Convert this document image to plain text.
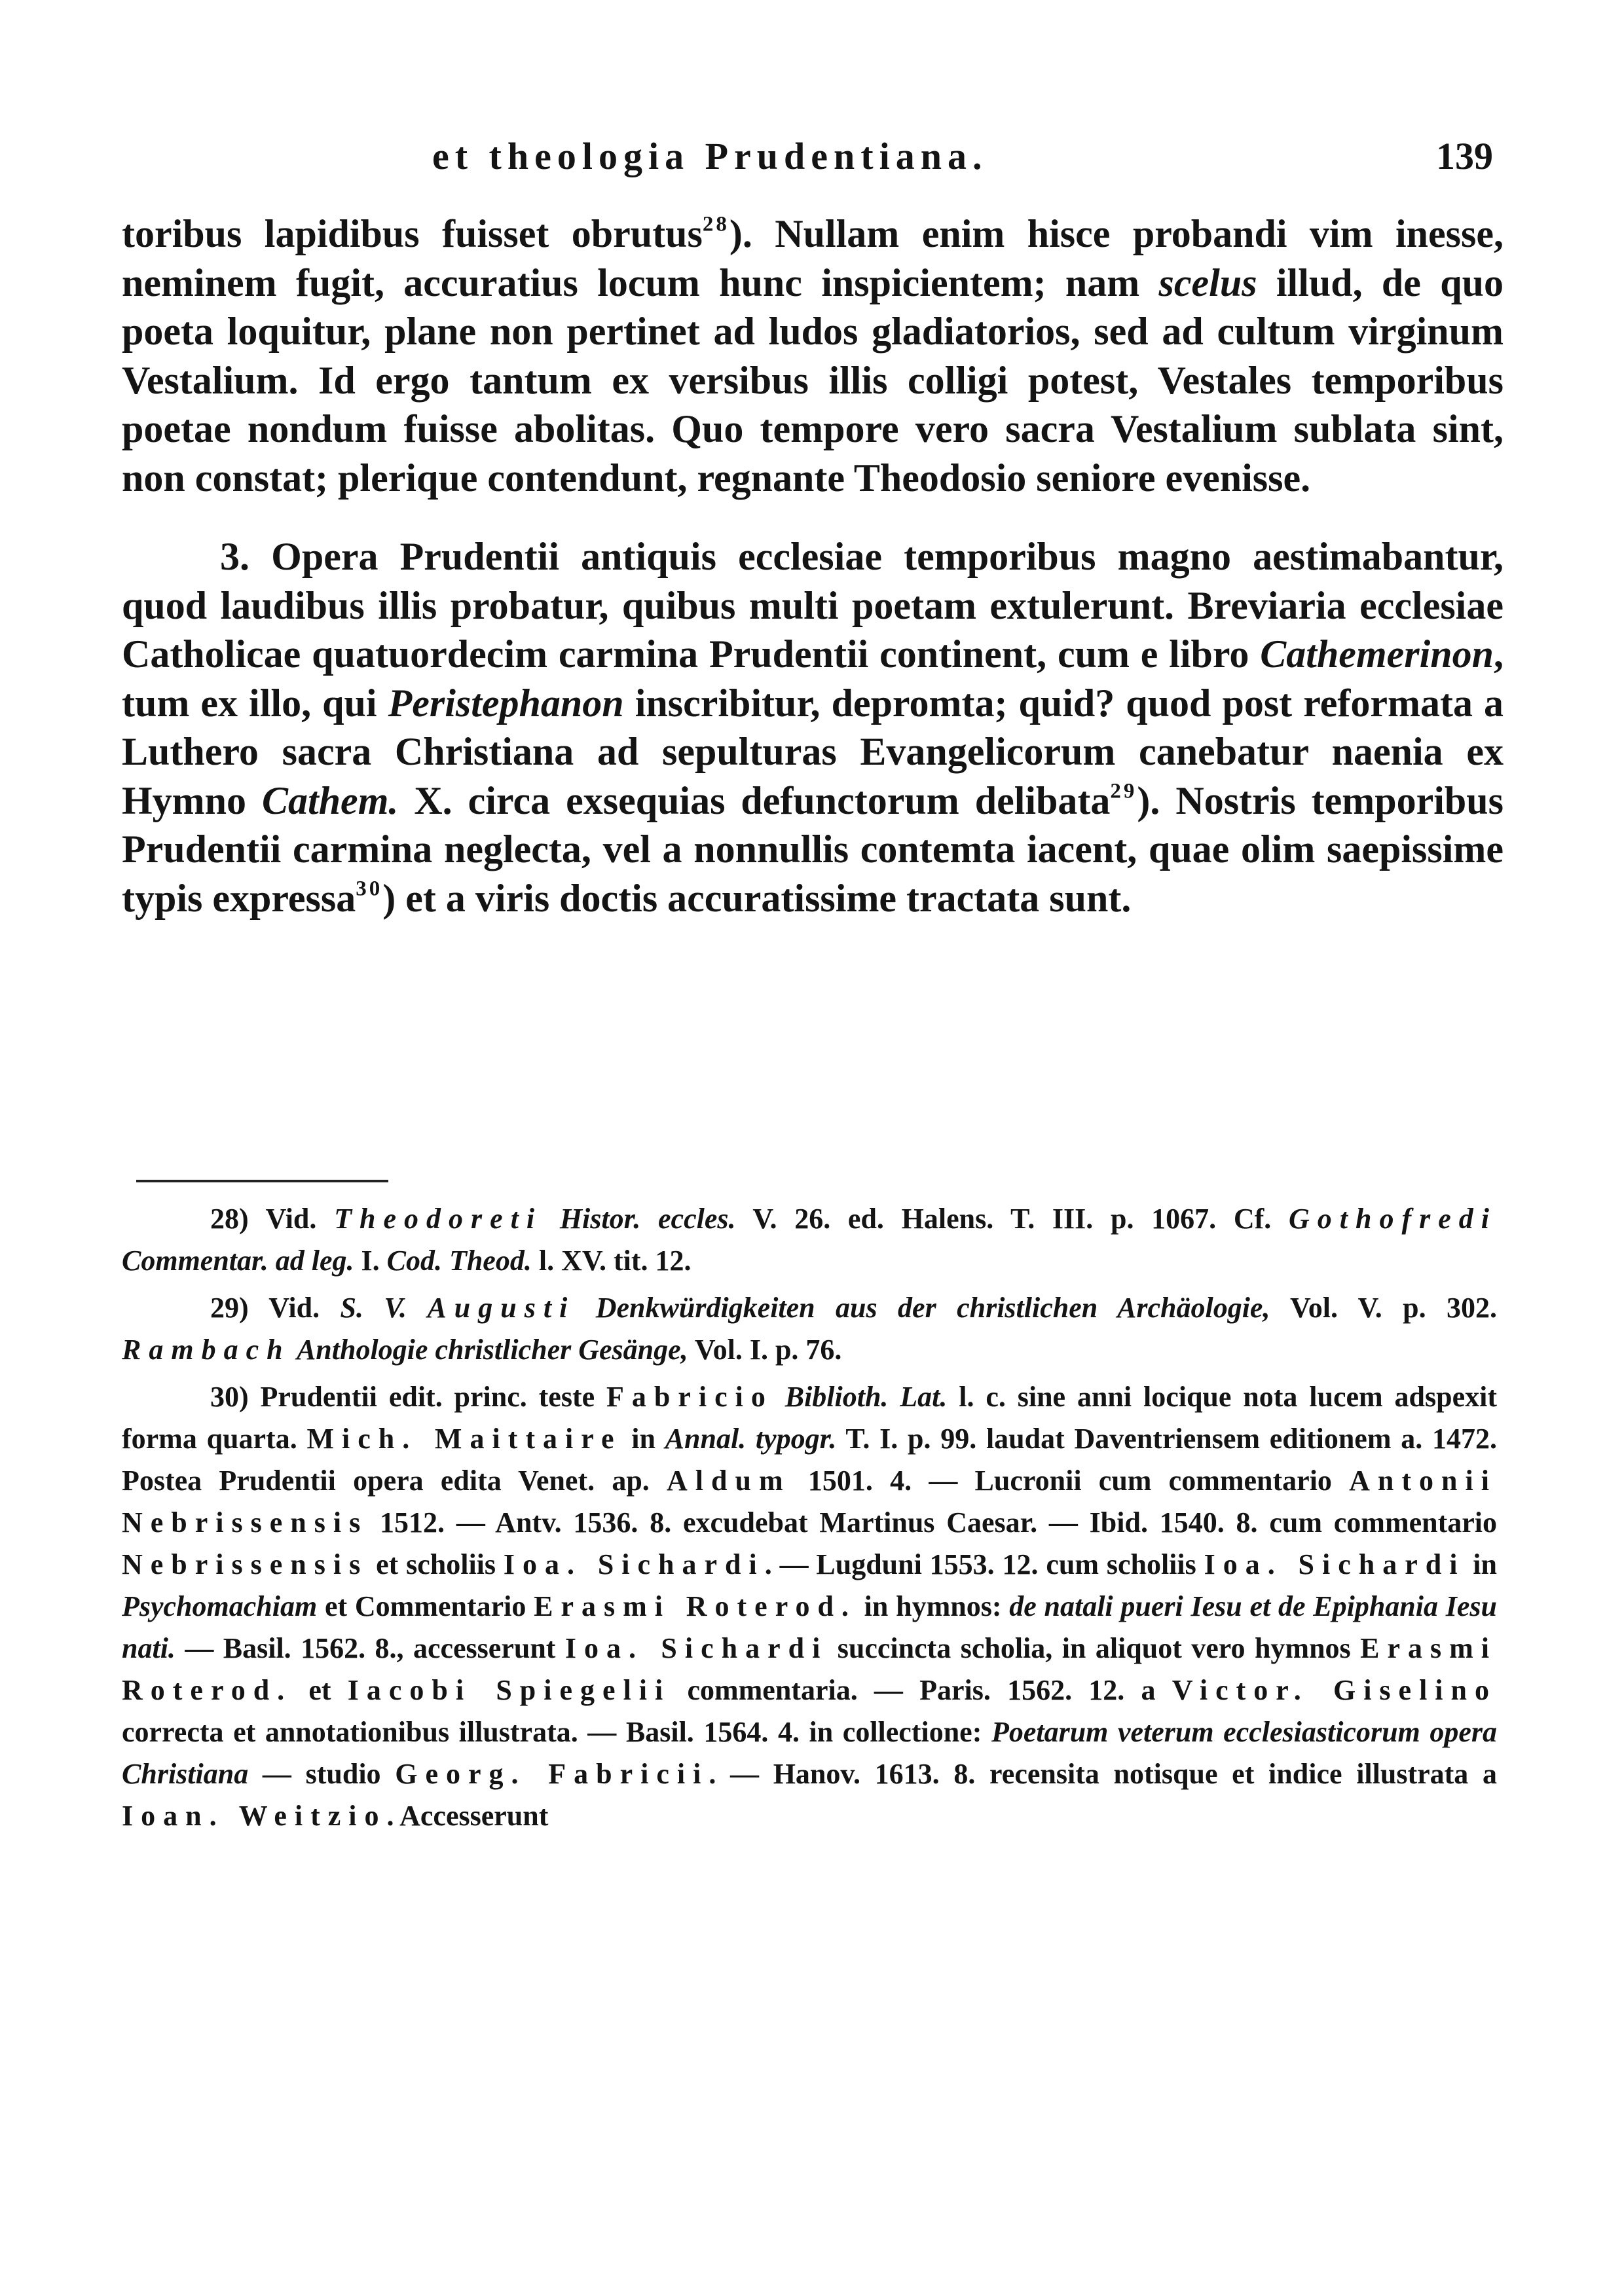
et theologia Prudentiana.	139

toribus lapidibus fuisset obrutus$^{28}$). Nullam enim hisce probandi vim inesse, neminem fugit, accuratius locum hunc inspicientem; nam scelus illud, de quo poeta loquitur, plane non pertinet ad ludos gladiatorios, sed ad cultum virginum Vestalium. Id ergo tantum ex versibus illis colligi potest, Vestales temporibus poetae nondum fuisse abolitas. Quo tempore vero sacra Vestalium sublata sint, non constat; plerique contendunt, regnante Theodosio seniore evenisse.

3. Opera Prudentii antiquis ecclesiae temporibus magno aestimabantur, quod laudibus illis probatur, quibus multi poetam extulerunt. Breviaria ecclesiae Catholicae quatuordecim carmina Prudentii continent, cum e libro Cathemerinon, tum ex illo, qui Peristephanon inscribitur, depromta; quid? quod post reformata a Luthero sacra Christiana ad sepulturas Evangelicorum canebatur naenia ex Hymno Cathem. X. circa exsequias defunctorum delibata$^{29}$). Nostris temporibus Prudentii carmina neglecta, vel a nonnullis contemta iacent, quae olim saepissime typis expressa$^{30}$) et a viris doctis accuratissime tractata sunt.

28) Vid. Theodoreti Histor. eccles. V. 26. ed. Halens. T. III. p. 1067. Cf. Gothofredi Commentar. ad leg. I. Cod. Theod. l. XV. tit. 12.

29) Vid. S. V. Augusti Denkwürdigkeiten aus der christlichen Archäologie, Vol. V. p. 302. Rambach Anthologie christlicher Gesänge, Vol. I. p. 76.

30) Prudentii edit. princ. teste Fabricio Biblioth. Lat. l. c. sine anni locique nota lucem adspexit forma quarta. Mich. Maittaire in Annal. typogr. T. I. p. 99. laudat Daventriensem editionem a. 1472. Postea Prudentii opera edita Venet. ap. Aldum 1501. 4. — Lucronii cum commentario Antonii Nebrissensis 1512. — Antv. 1536. 8. excudebat Martinus Caesar. — Ibid. 1540. 8. cum commentario Nebrissensis et scholiis Ioa. Sichardi. — Lugduni 1553. 12. cum scholiis Ioa. Sichardi in Psychomachiam et Commentario Erasmi Roterod. in hymnos: de natali pueri Iesu et de Epiphania Iesu nati. — Basil. 1562. 8., accesserunt Ioa. Sichardi succincta scholia, in aliquot vero hymnos Erasmi Roterod. et Iacobi Spiegelii commentaria. — Paris. 1562. 12. a Victor. Giselino correcta et annotationibus illustrata. — Basil. 1564. 4. in collectione: Poetarum veterum ecclesiasticorum opera Christiana — studio Georg. Fabricii. — Hanov. 1613. 8. recensita notisque et indice illustrata a Ioan. Weitzio. Accesserunt
